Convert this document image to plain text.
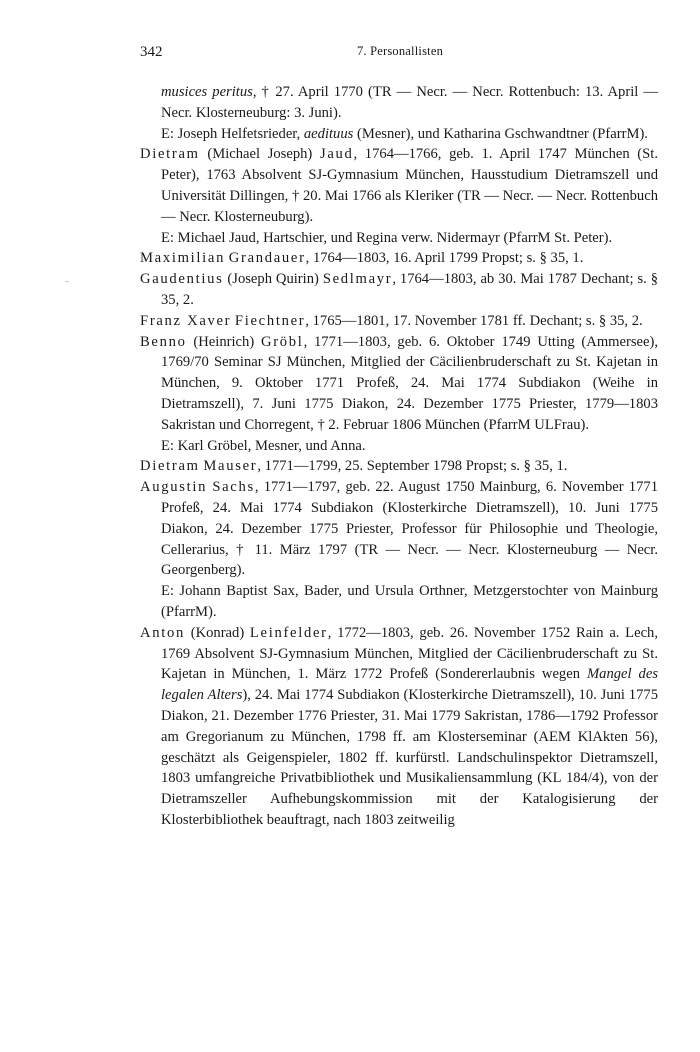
342	7. Personallisten

musices peritus, † 27. April 1770 (TR — Necr. — Necr. Rottenbuch: 13. April — Necr. Klosterneuburg: 3. Juni).

E: Joseph Helfetsrieder, aedituus (Mesner), und Katharina Gschwandtner (PfarrM).

Dietram (Michael Joseph) Jaud, 1764—1766, geb. 1. April 1747 München (St. Peter), 1763 Absolvent SJ-Gymnasium München, Hausstudium Dietramszell und Universität Dillingen, † 20. Mai 1766 als Kleriker (TR — Necr. — Necr. Rottenbuch — Necr. Klosterneuburg).

E: Michael Jaud, Hartschier, und Regina verw. Nidermayr (PfarrM St. Peter).

Maximilian Grandauer, 1764—1803, 16. April 1799 Propst; s. § 35, 1.

Gaudentius (Joseph Quirin) Sedlmayr, 1764—1803, ab 30. Mai 1787 Dechant; s. § 35, 2.

Franz Xaver Fiechtner, 1765—1801, 17. November 1781 ff. Dechant; s. § 35, 2.

Benno (Heinrich) Gröbl, 1771—1803, geb. 6. Oktober 1749 Utting (Ammersee), 1769/70 Seminar SJ München, Mitglied der Cäcilienbruderschaft zu St. Kajetan in München, 9. Oktober 1771 Profeß, 24. Mai 1774 Subdiakon (Weihe in Dietramszell), 7. Juni 1775 Diakon, 24. Dezember 1775 Priester, 1779—1803 Sakristan und Chorregent, † 2. Februar 1806 München (PfarrM ULFrau).

E: Karl Gröbel, Mesner, und Anna.

Dietram Mauser, 1771—1799, 25. September 1798 Propst; s. § 35, 1.

Augustin Sachs, 1771—1797, geb. 22. August 1750 Mainburg, 6. November 1771 Profeß, 24. Mai 1774 Subdiakon (Klosterkirche Dietramszell), 10. Juni 1775 Diakon, 24. Dezember 1775 Priester, Professor für Philosophie und Theologie, Cellerarius, † 11. März 1797 (TR — Necr. — Necr. Klosterneuburg — Necr. Georgenberg).

E: Johann Baptist Sax, Bader, und Ursula Orthner, Metzgerstochter von Mainburg (PfarrM).

Anton (Konrad) Leinfelder, 1772—1803, geb. 26. November 1752 Rain a. Lech, 1769 Absolvent SJ-Gymnasium München, Mitglied der Cäcilienbruderschaft zu St. Kajetan in München, 1. März 1772 Profeß (Sondererlaubnis wegen Mangel des legalen Alters), 24. Mai 1774 Subdiakon (Klosterkirche Dietramszell), 10. Juni 1775 Diakon, 21. Dezember 1776 Priester, 31. Mai 1779 Sakristan, 1786—1792 Professor am Gregorianum zu München, 1798 ff. am Klosterseminar (AEM KlAkten 56), geschätzt als Geigenspieler, 1802 ff. kurfürstl. Landschulinspektor Dietramszell, 1803 umfangreiche Privatbibliothek und Musikaliensammlung (KL 184/4), von der Dietramszeller Aufhebungskommission mit der Katalogisierung der Klosterbibliothek beauftragt, nach 1803 zeitweilig
